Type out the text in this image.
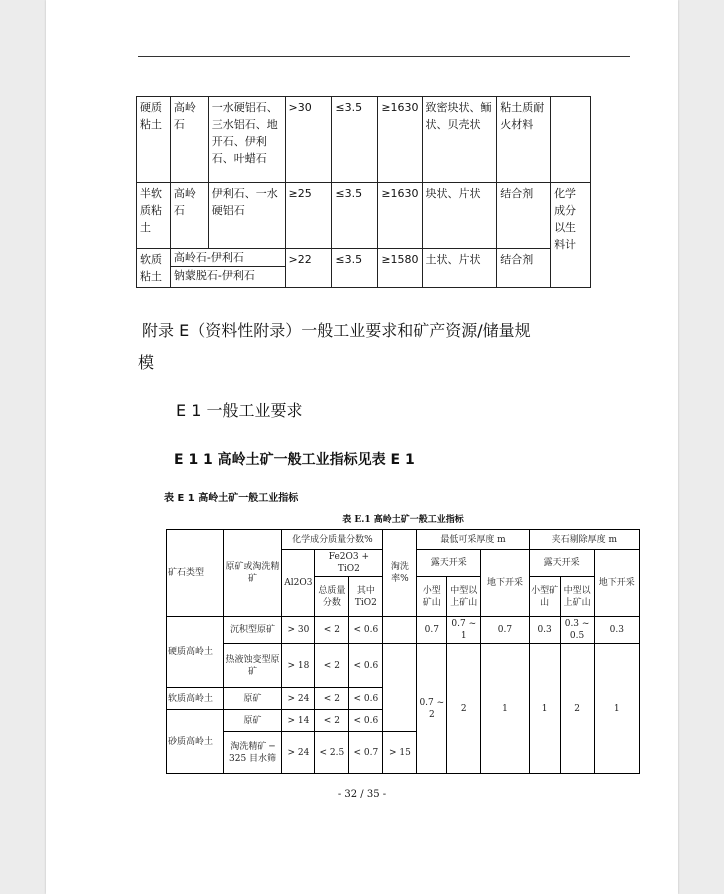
硬质粘土	高岭石	一水硬铝石、三水铝石、地开石、伊利石、叶蜡石	>30	≤3.5	≥1630	致密块状、鲕状、贝壳状	粘土质耐火材料	
半软质粘土	高岭石	伊利石、一水硬铝石	≥25	≤3.5	≥1630	块状、片状	结合剂	化学成分以生料计
软质粘土	高岭石-伊利石
钠蒙脱石-伊利石		>22	≤3.5	≥1580	土状、片状	结合剂	
附录 E（资料性附录）一般工业要求和矿产资源/储量规
模
E 1 一般工业要求
E 1 1 高岭土矿一般工业指标见表 E 1
表 E 1 高岭土矿一般工业指标
表 E.1 高岭土矿一般工业指标
矿石类型	原矿或淘洗精矿	化学成分质量分数%			淘洗率%	最低可采厚度 m			夹石剔除厚度 m		
		Al2O3	Fe2O3 + TiO2			露天开采		地下开采	露天开采		地下开采
			总质量分数	其中TiO2		小型矿山	中型以上矿山		小型矿山	中型以上矿山	

硬质高岭土	沉积型原矿	> 30	< 2	< 0.6		0.7	0.7 ~ 1	0.7	0.3	0.3 ~ 0.5	0.3
	热液蚀变型原矿	> 18	< 2	< 0.6		0.7 ~ 2	2	1	1	2	1
软质高岭土	原矿	> 24	< 2	< 0.6							
砂质高岭土	原矿	> 14	< 2	< 0.6							
	淘洗精矿 ─ 325 目水筛	> 24	< 2.5	< 0.7	> 15						
- 32 / 35 -
